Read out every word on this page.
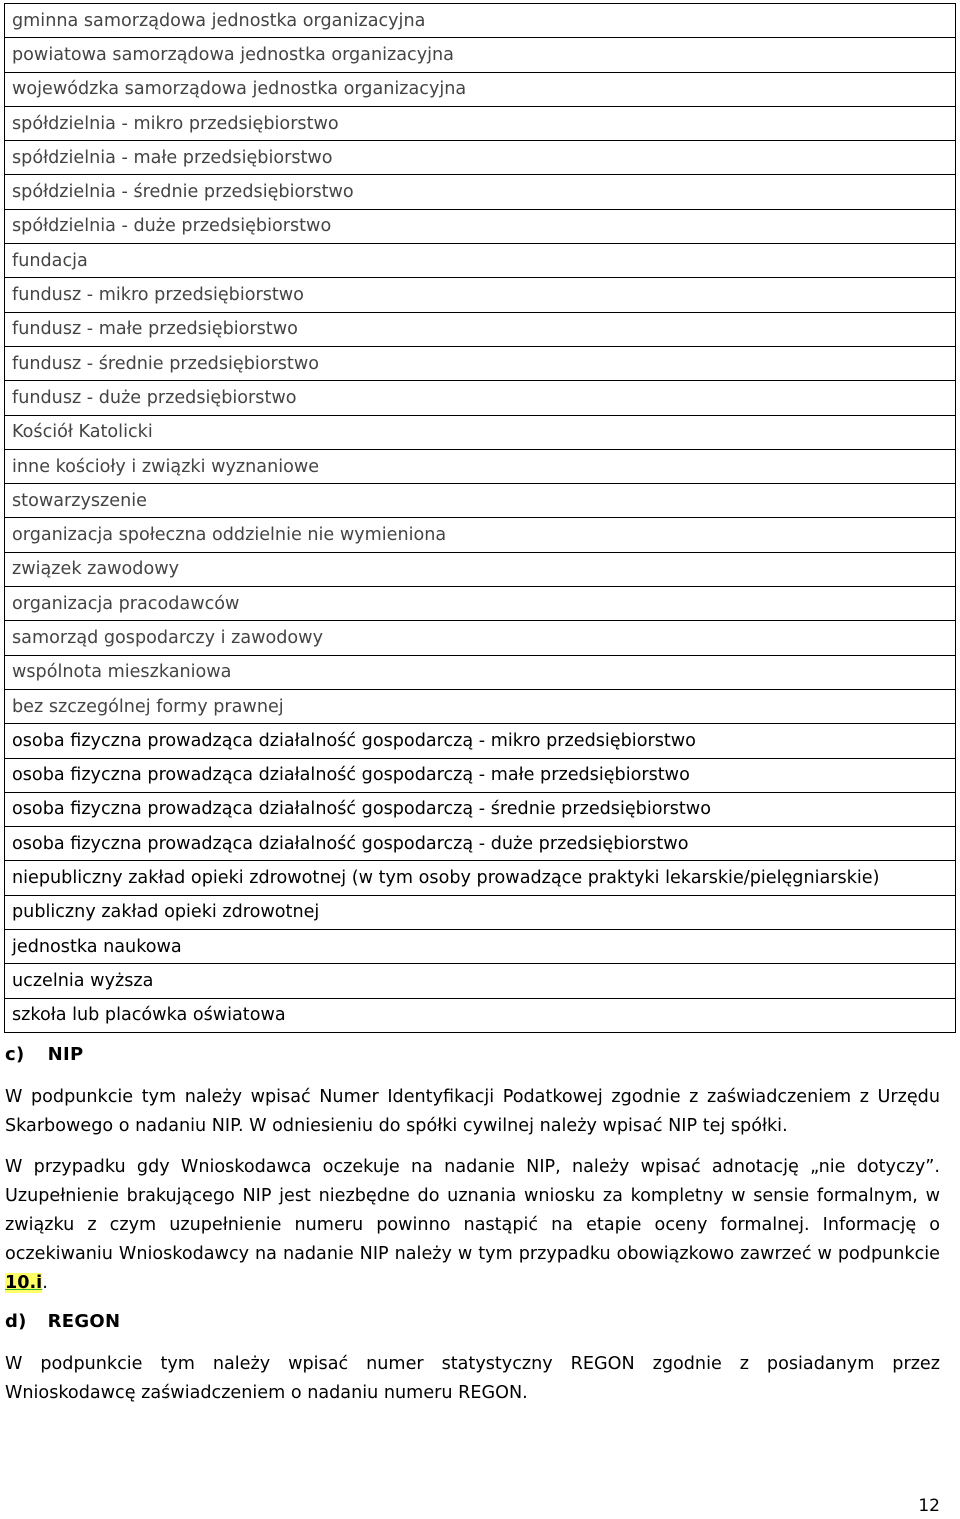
gminna samorządowa jednostka organizacyjna
powiatowa samorządowa jednostka organizacyjna
wojewódzka samorządowa jednostka organizacyjna
spółdzielnia - mikro przedsiębiorstwo
spółdzielnia - małe przedsiębiorstwo
spółdzielnia - średnie przedsiębiorstwo
spółdzielnia - duże przedsiębiorstwo
fundacja
fundusz - mikro przedsiębiorstwo
fundusz - małe przedsiębiorstwo
fundusz - średnie przedsiębiorstwo
fundusz - duże przedsiębiorstwo
Kościół Katolicki
inne kościoły i związki wyznaniowe
stowarzyszenie
organizacja społeczna oddzielnie nie wymieniona
związek zawodowy
organizacja pracodawców
samorząd gospodarczy i zawodowy
wspólnota mieszkaniowa
bez szczególnej formy prawnej
osoba fizyczna prowadząca działalność gospodarczą - mikro przedsiębiorstwo
osoba fizyczna prowadząca działalność gospodarczą - małe przedsiębiorstwo
osoba fizyczna prowadząca działalność gospodarczą - średnie przedsiębiorstwo
osoba fizyczna prowadząca działalność gospodarczą - duże przedsiębiorstwo
niepubliczny zakład opieki zdrowotnej (w tym osoby prowadzące praktyki lekarskie/pielęgniarskie)
publiczny zakład opieki zdrowotnej
jednostka naukowa
uczelnia wyższa
szkoła lub placówka oświatowa
c) NIP
W podpunkcie tym należy wpisać Numer Identyfikacji Podatkowej zgodnie z zaświadczeniem z Urzędu Skarbowego o nadaniu NIP. W odniesieniu do spółki cywilnej należy wpisać NIP tej spółki.
W przypadku gdy Wnioskodawca oczekuje na nadanie NIP, należy wpisać adnotację „nie dotyczy”. Uzupełnienie brakującego NIP jest niezbędne do uznania wniosku za kompletny w sensie formalnym, w związku z czym uzupełnienie numeru powinno nastąpić na etapie oceny formalnej. Informację o oczekiwaniu Wnioskodawcy na nadanie NIP należy w tym przypadku obowiązkowo zawrzeć w podpunkcie 10.i.
d) REGON
W podpunkcie tym należy wpisać numer statystyczny REGON zgodnie z posiadanym przez Wnioskodawcę zaświadczeniem o nadaniu numeru REGON.
12
